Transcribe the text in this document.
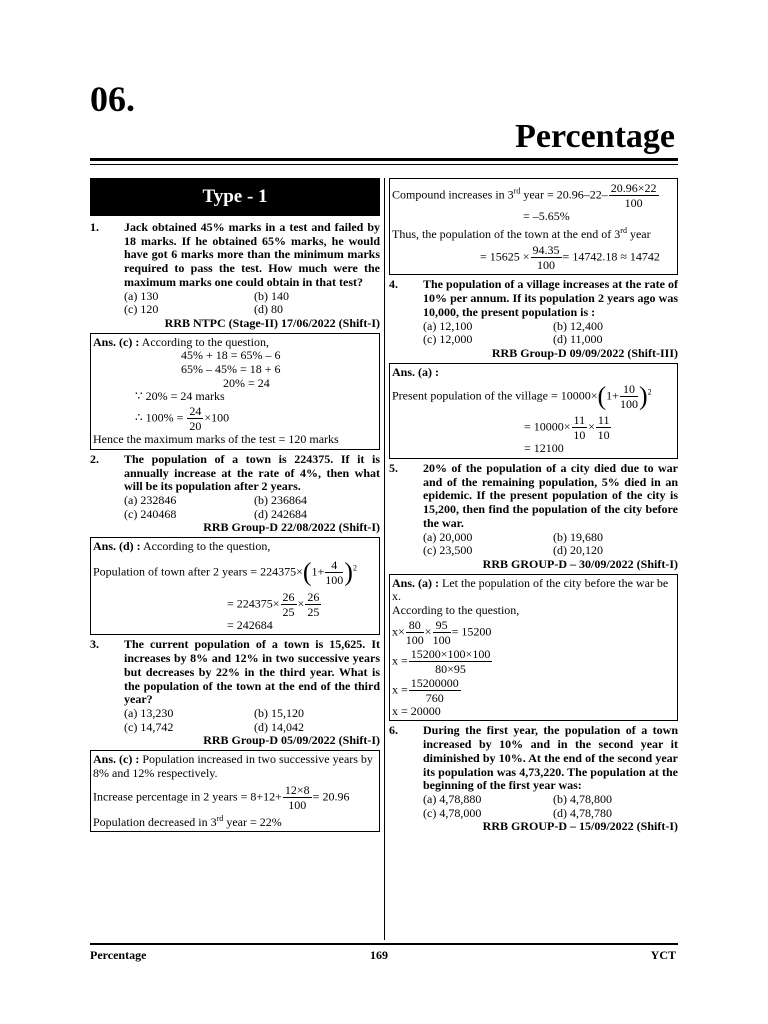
06.
Percentage
Type - 1
1.	Jack obtained 45% marks in a test and failed by 18 marks. If he obtained 65% marks, he would have got 6 marks more than the minimum marks required to pass the test. How much were the maximum marks one could obtain in that test?
(a) 130	(b) 140
(c) 120	(d) 80
RRB NTPC (Stage-II) 17/06/2022 (Shift-I)
Ans. (c) : According to the question,
45% + 18 = 65% – 6
65% – 45% = 18 + 6
20% = 24
∵ 20% = 24 marks
∴ $100\% = \frac{24}{20} \times 100$
Hence the maximum marks of the test = 120 marks
2.	The population of a town is 224375. If it is annually increase at the rate of 4%, then what will be its population after 2 years.
(a) 232846	(b) 236864
(c) 240468	(d) 242684
RRB Group-D 22/08/2022 (Shift-I)
Ans. (d) : According to the question,
Population of town after 2 years = $224375\times(1+ \frac{4}{100} )^2$
= $224375\times \frac{26}{25} \times \frac{26}{25}$
= 242684
3.	The current population of a town is 15,625. It increases by 8% and 12% in two successive years but decreases by 22% in the third year. What is the population of the town at the end of the third year?
(a) 13,230	(b) 15,120
(c) 14,742	(d) 14,042
RRB Group-D 05/09/2022 (Shift-I)
Ans. (c) : Population increased in two successive years by 8% and 12% respectively.
Increase percentage in 2 years = $8+12+ \frac{12\times 8}{100} = 20.96$
Population decreased in 3rd year = 22%
Compound increases in 3rd year = $20.96-22- \frac{20.96\times 22}{100}$
= –5.65%
Thus, the population of the town at the end of 3rd year
= $15625 \times \frac{94.35}{100} = 14742.18 \approx 14742$
4.	The population of a village increases at the rate of 10% per annum. If its population 2 years ago was 10,000, the present population is :
(a) 12,100	(b) 12,400
(c) 12,000	(d) 11,000
RRB Group-D 09/09/2022 (Shift-III)
Ans. (a) :
Present population of the village = $10000\times(1+ \frac{10}{100} )^2$
= $10000\times \frac{11}{10} \times \frac{11}{10}$
= 12100
5.	20% of the population of a city died due to war and of the remaining population, 5% died in an epidemic. If the present population of the city is 15,200, then find the population of the city before the war.
(a) 20,000	(b) 19,680
(c) 23,500	(d) 20,120
RRB GROUP-D – 30/09/2022 (Shift-I)
Ans. (a) : Let the population of the city before the war be x.
According to the question,
$x\times \frac{80}{100} \times \frac{95}{100} = 15200$
$x = \frac{15200\times 100\times 100}{80\times 95}$
$x = \frac{15200000}{760}$
x = 20000
6.	During the first year, the population of a town increased by 10% and in the second year it diminished by 10%. At the end of the second year its population was 4,73,220. The population at the beginning of the first year was:
(a) 4,78,880	(b) 4,78,800
(c) 4,78,000	(d) 4,78,780
RRB GROUP-D – 15/09/2022 (Shift-I)
Percentage	169	YCT
